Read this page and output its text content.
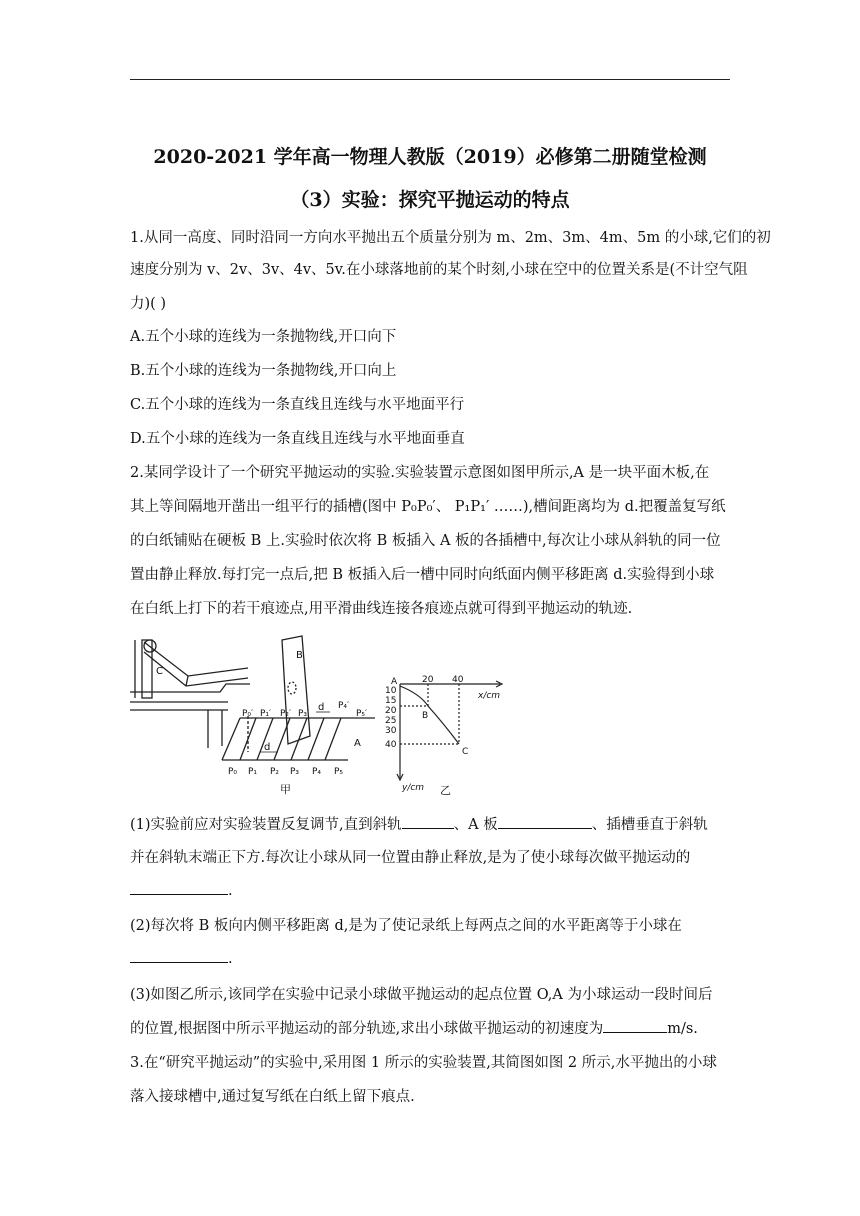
2020-2021 学年高一物理人教版（2019）必修第二册随堂检测
（3）实验：探究平抛运动的特点
1.从同一高度、同时沿同一方向水平抛出五个质量分别为 m、2m、3m、4m、5m 的小球,它们的初
速度分别为 v、2v、3v、4v、5v.在小球落地前的某个时刻,小球在空中的位置关系是(不计空气阻
力)( )
A.五个小球的连线为一条抛物线,开口向下
B.五个小球的连线为一条抛物线,开口向上
C.五个小球的连线为一条直线且连线与水平地面平行
D.五个小球的连线为一条直线且连线与水平地面垂直
2.某同学设计了一个研究平抛运动的实验.实验装置示意图如图甲所示,A 是一块平面木板,在
其上等间隔地开凿出一组平行的插槽(图中 P₀P₀′、 P₁P₁′ ……),槽间距离均为 d.把覆盖复写纸
的白纸铺贴在硬板 B 上.实验时依次将 B 板插入 A 板的各插槽中,每次让小球从斜轨的同一位
置由静止释放.每打完一点后,把 B 板插入后一槽中同时向纸面内侧平移距离 d.实验得到小球
在白纸上打下的若干痕迹点,用平滑曲线连接各痕迹点就可得到平抛运动的轨迹.
C
B
A
d
d
P₀′ P₁′ P₂′ P₃′
P₄′
P₅′
P₀ P₁ P₂ P₃ P₄ P₅
甲
20 40
x/cm
10
15
20
25
30
40
y/cm
A
B
C
乙
(1)实验前应对实验装置反复调节,直到斜轨	、A 板	、插槽垂直于斜轨
并在斜轨末端正下方.每次让小球从同一位置由静止释放,是为了使小球每次做平抛运动的
.
(2)每次将 B 板向内侧平移距离 d,是为了使记录纸上每两点之间的水平距离等于小球在
.
(3)如图乙所示,该同学在实验中记录小球做平抛运动的起点位置 O,A 为小球运动一段时间后
的位置,根据图中所示平抛运动的部分轨迹,求出小球做平抛运动的初速度为	m/s.
3.在“研究平抛运动”的实验中,采用图 1 所示的实验装置,其简图如图 2 所示,水平抛出的小球
落入接球槽中,通过复写纸在白纸上留下痕点.
